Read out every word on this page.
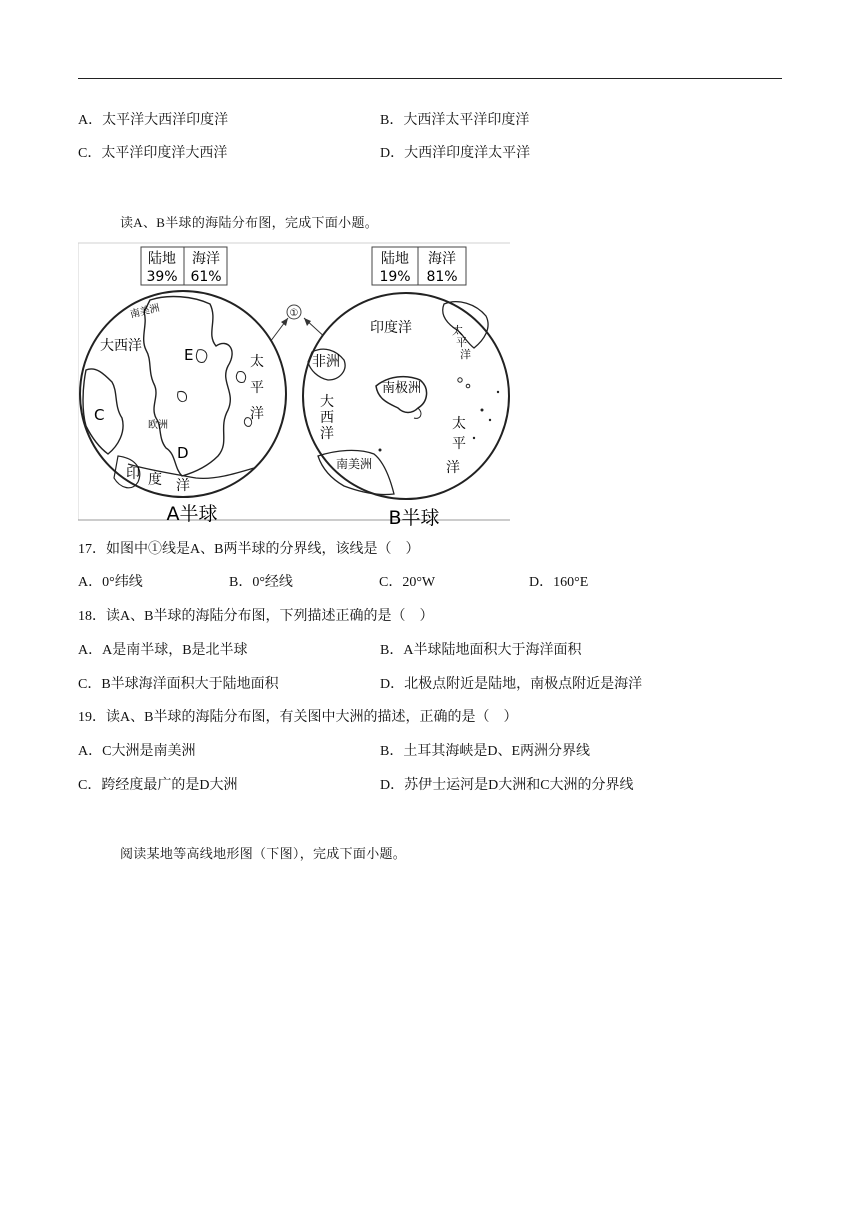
A．太平洋大西洋印度洋	B．大西洋太平洋印度洋
C．太平洋印度洋大西洋	D．大西洋印度洋太平洋
读A、B半球的海陆分布图，完成下面小题。
陆地 海洋
39% 61%
陆地 海洋
19% 81%
①
南美洲
大西洋	E
C
欧洲
D
太
平
洋
印 度 洋
A半球
印度洋
非洲
南极洲
大
西
洋
南美洲
太
平
洋
太
平
洋
B半球
17．如图中①线是A、B两半球的分界线，该线是（　）
A．0°纬线	B．0°经线	C．20°W	D．160°E
18．读A、B半球的海陆分布图，下列描述正确的是（　）
A．A是南半球，B是北半球	B．A半球陆地面积大于海洋面积
C．B半球海洋面积大于陆地面积	D．北极点附近是陆地，南极点附近是海洋
19．读A、B半球的海陆分布图，有关图中大洲的描述，正确的是（　）
A．C大洲是南美洲	B．土耳其海峡是D、E两洲分界线
C．跨经度最广的是D大洲	D．苏伊士运河是D大洲和C大洲的分界线
阅读某地等高线地形图（下图），完成下面小题。
